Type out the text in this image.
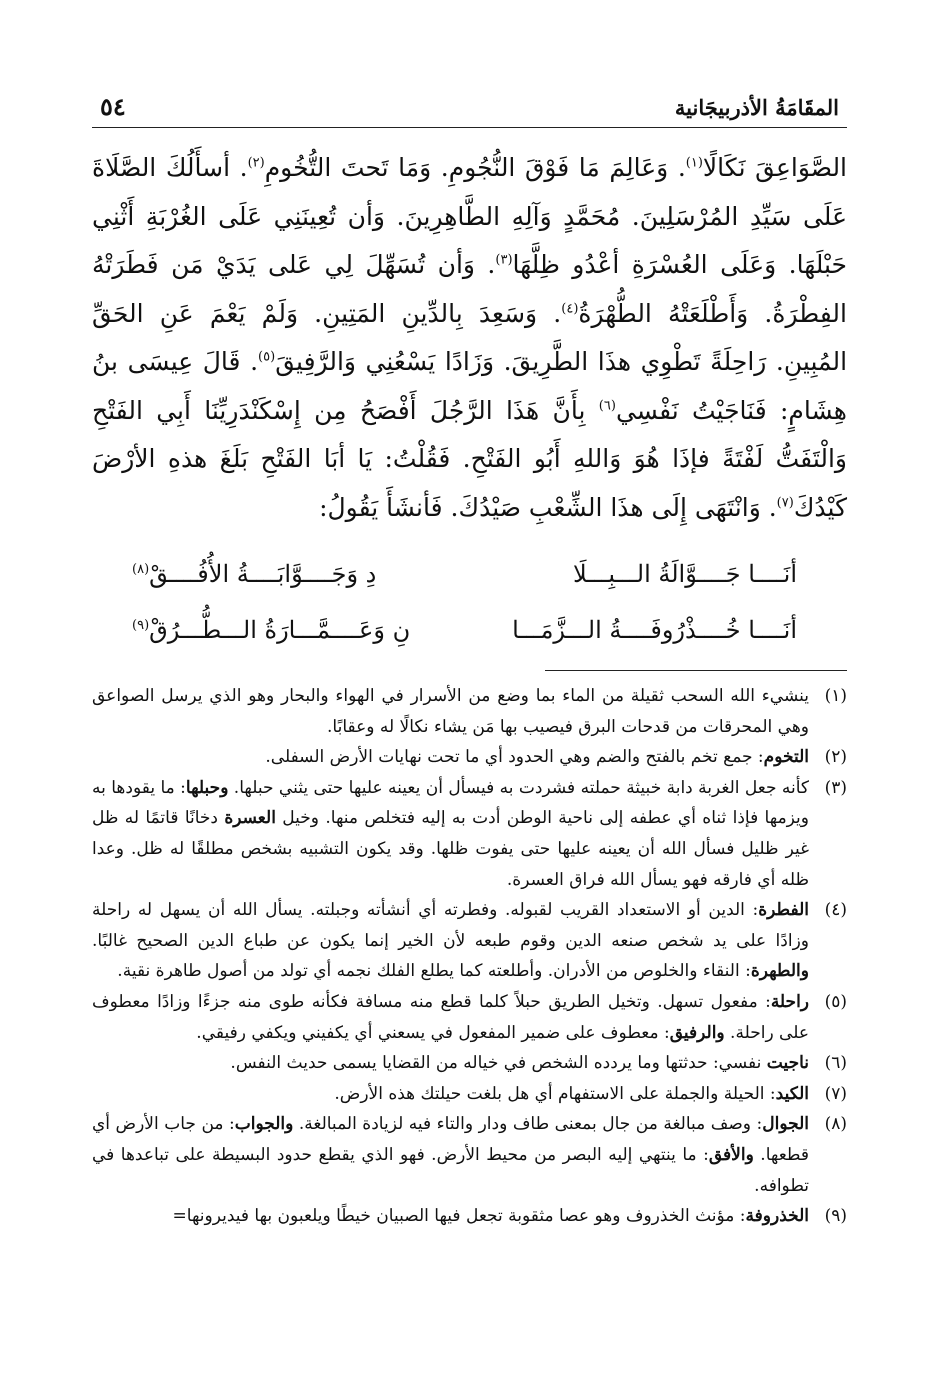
المقَامَةُ الأذربيجَانية
٥٤

الصَّوَاعِقَ نَكَالًا$^{(١)}$. وَعَالِمَ مَا فَوْقَ النُّجُومِ. وَمَا تَحتَ التُّخُومِ$^{(٢)}$. أسأَلُكَ الصَّلَاةَ عَلَى سَيِّدِ المُرْسَلِينَ. مُحَمَّدٍ وَآلِهِ الطَّاهِرِينَ. وَأن تُعِينَنِي عَلَى الغُرْبَةِ أَثْنِي حَبْلَهَا. وَعَلَى العُسْرَةِ أعْدُو ظِلَّهَا$^{(٣)}$. وَأن تُسَهِّلَ لِي عَلى يَدَيْ مَن فَطَرَتْهُ الفِطْرَةُ. وَأَطْلَعَتْهُ الطُّهْرَةُ$^{(٤)}$. وَسَعِدَ بِالدِّينِ المَتِينِ. وَلَمْ يَعْمَ عَنِ الحَقِّ المُبِينِ. رَاحِلَةً تَطْوِي هذَا الطَّرِيقَ. وَزَادًا يَسْعُنِي وَالرَّفِيقَ$^{(٥)}$. قَالَ عِيسَى بنُ هِشَامٍ: فَنَاجَيْتُ نَفْسِي$^{(٦)}$ بِأَنَّ هَذَا الرَّجُلَ أَفْصَحُ مِن إِسْكَنْدَرِيِّنَا أَبِي الفَتْحِ وَالْتَفَتُّ لَفْتَةً فإذَا هُوَ وَاللهِ أَبُو الفَتْحِ. فَقُلْتُ: يَا أبَا الفَتْحِ بَلَغَ هذهِ الأرْضَ كَيْدُكَ$^{(٧)}$. وَانْتَهَى إِلَى هذَا الشِّعْبِ صَيْدُكَ. فَأنشَأَ يَقُولُ:

أنَــــا جَــــوَّالَةُ الـــبِـــلَا
دِ وَجَــــوَّابَــــةُ الأُفُــــقْ$^{(٨)}$
أنَــــا خُــــذْرُوفَــــةُ الـــزَّمَـــا
نِ وَعَــــمَّـــارَةُ الـــطُّـــرُقْ$^{(٩)}$
(١)
ينشيء الله السحب ثقيلة من الماء بما وضع من الأسرار في الهواء والبحار وهو الذي يرسل الصواعق وهي المحرقات من قدحات البرق فيصيب بها مَن يشاء نكالًا له وعقابًا.
(٢)
التخوم: جمع تخم بالفتح والضم وهي الحدود أي ما تحت نهايات الأرض السفلى.
(٣)
كأنه جعل الغربة دابة خبيثة حملته فشردت به فيسأل أن يعينه عليها حتى يثني حبلها. وحبلها: ما يقودها به ويزمها فإذا ثناه أي عطفه إلى ناحية الوطن أدت به إليه فتخلص منها. وخيل العسرة دخانًا قاتمًا له ظل غير ظليل فسأل الله أن يعينه عليها حتى يفوت ظلها. وقد يكون التشبيه بشخص مطلقًا له ظل. وعدا ظله أي فارقه فهو يسأل الله فراق العسرة.
(٤)
الفطرة: الدين أو الاستعداد القريب لقبوله. وفطرته أي أنشأته وجبلته. يسأل الله أن يسهل له راحلة وزادًا على يد شخص صنعه الدين وقوم طبعه لأن الخير إنما يكون عن طباع الدين الصحيح غالبًا. والطهرة: النقاء والخلوص من الأدران. وأطلعته كما يطلع الفلك نجمه أي تولد من أصول طاهرة نقية.
(٥)
راحلة: مفعول تسهل. وتخيل الطريق حبلاً كلما قطع منه مسافة فكأنه طوى منه جزءًا وزادًا معطوف على راحلة. والرفيق: معطوف على ضمير المفعول في يسعني أي يكفيني ويكفي رفيقي.
(٦)
ناجيت نفسي: حدثتها وما يردده الشخص في خياله من القضايا يسمى حديث النفس.
(٧)
الكيد: الحيلة والجملة على الاستفهام أي هل بلغت حيلتك هذه الأرض.
(٨)
الجوال: وصف مبالغة من جال بمعنى طاف ودار والتاء فيه لزيادة المبالغة. والجواب: من جاب الأرض أي قطعها. والأفق: ما ينتهي إليه البصر من محيط الأرض. فهو الذي يقطع حدود البسيطة على تباعدها في تطوافه.
(٩)
الخذروفة: مؤنث الخذروف وهو عصا مثقوبة تجعل فيها الصبيان خيطًا ويلعبون بها فيديرونها=
